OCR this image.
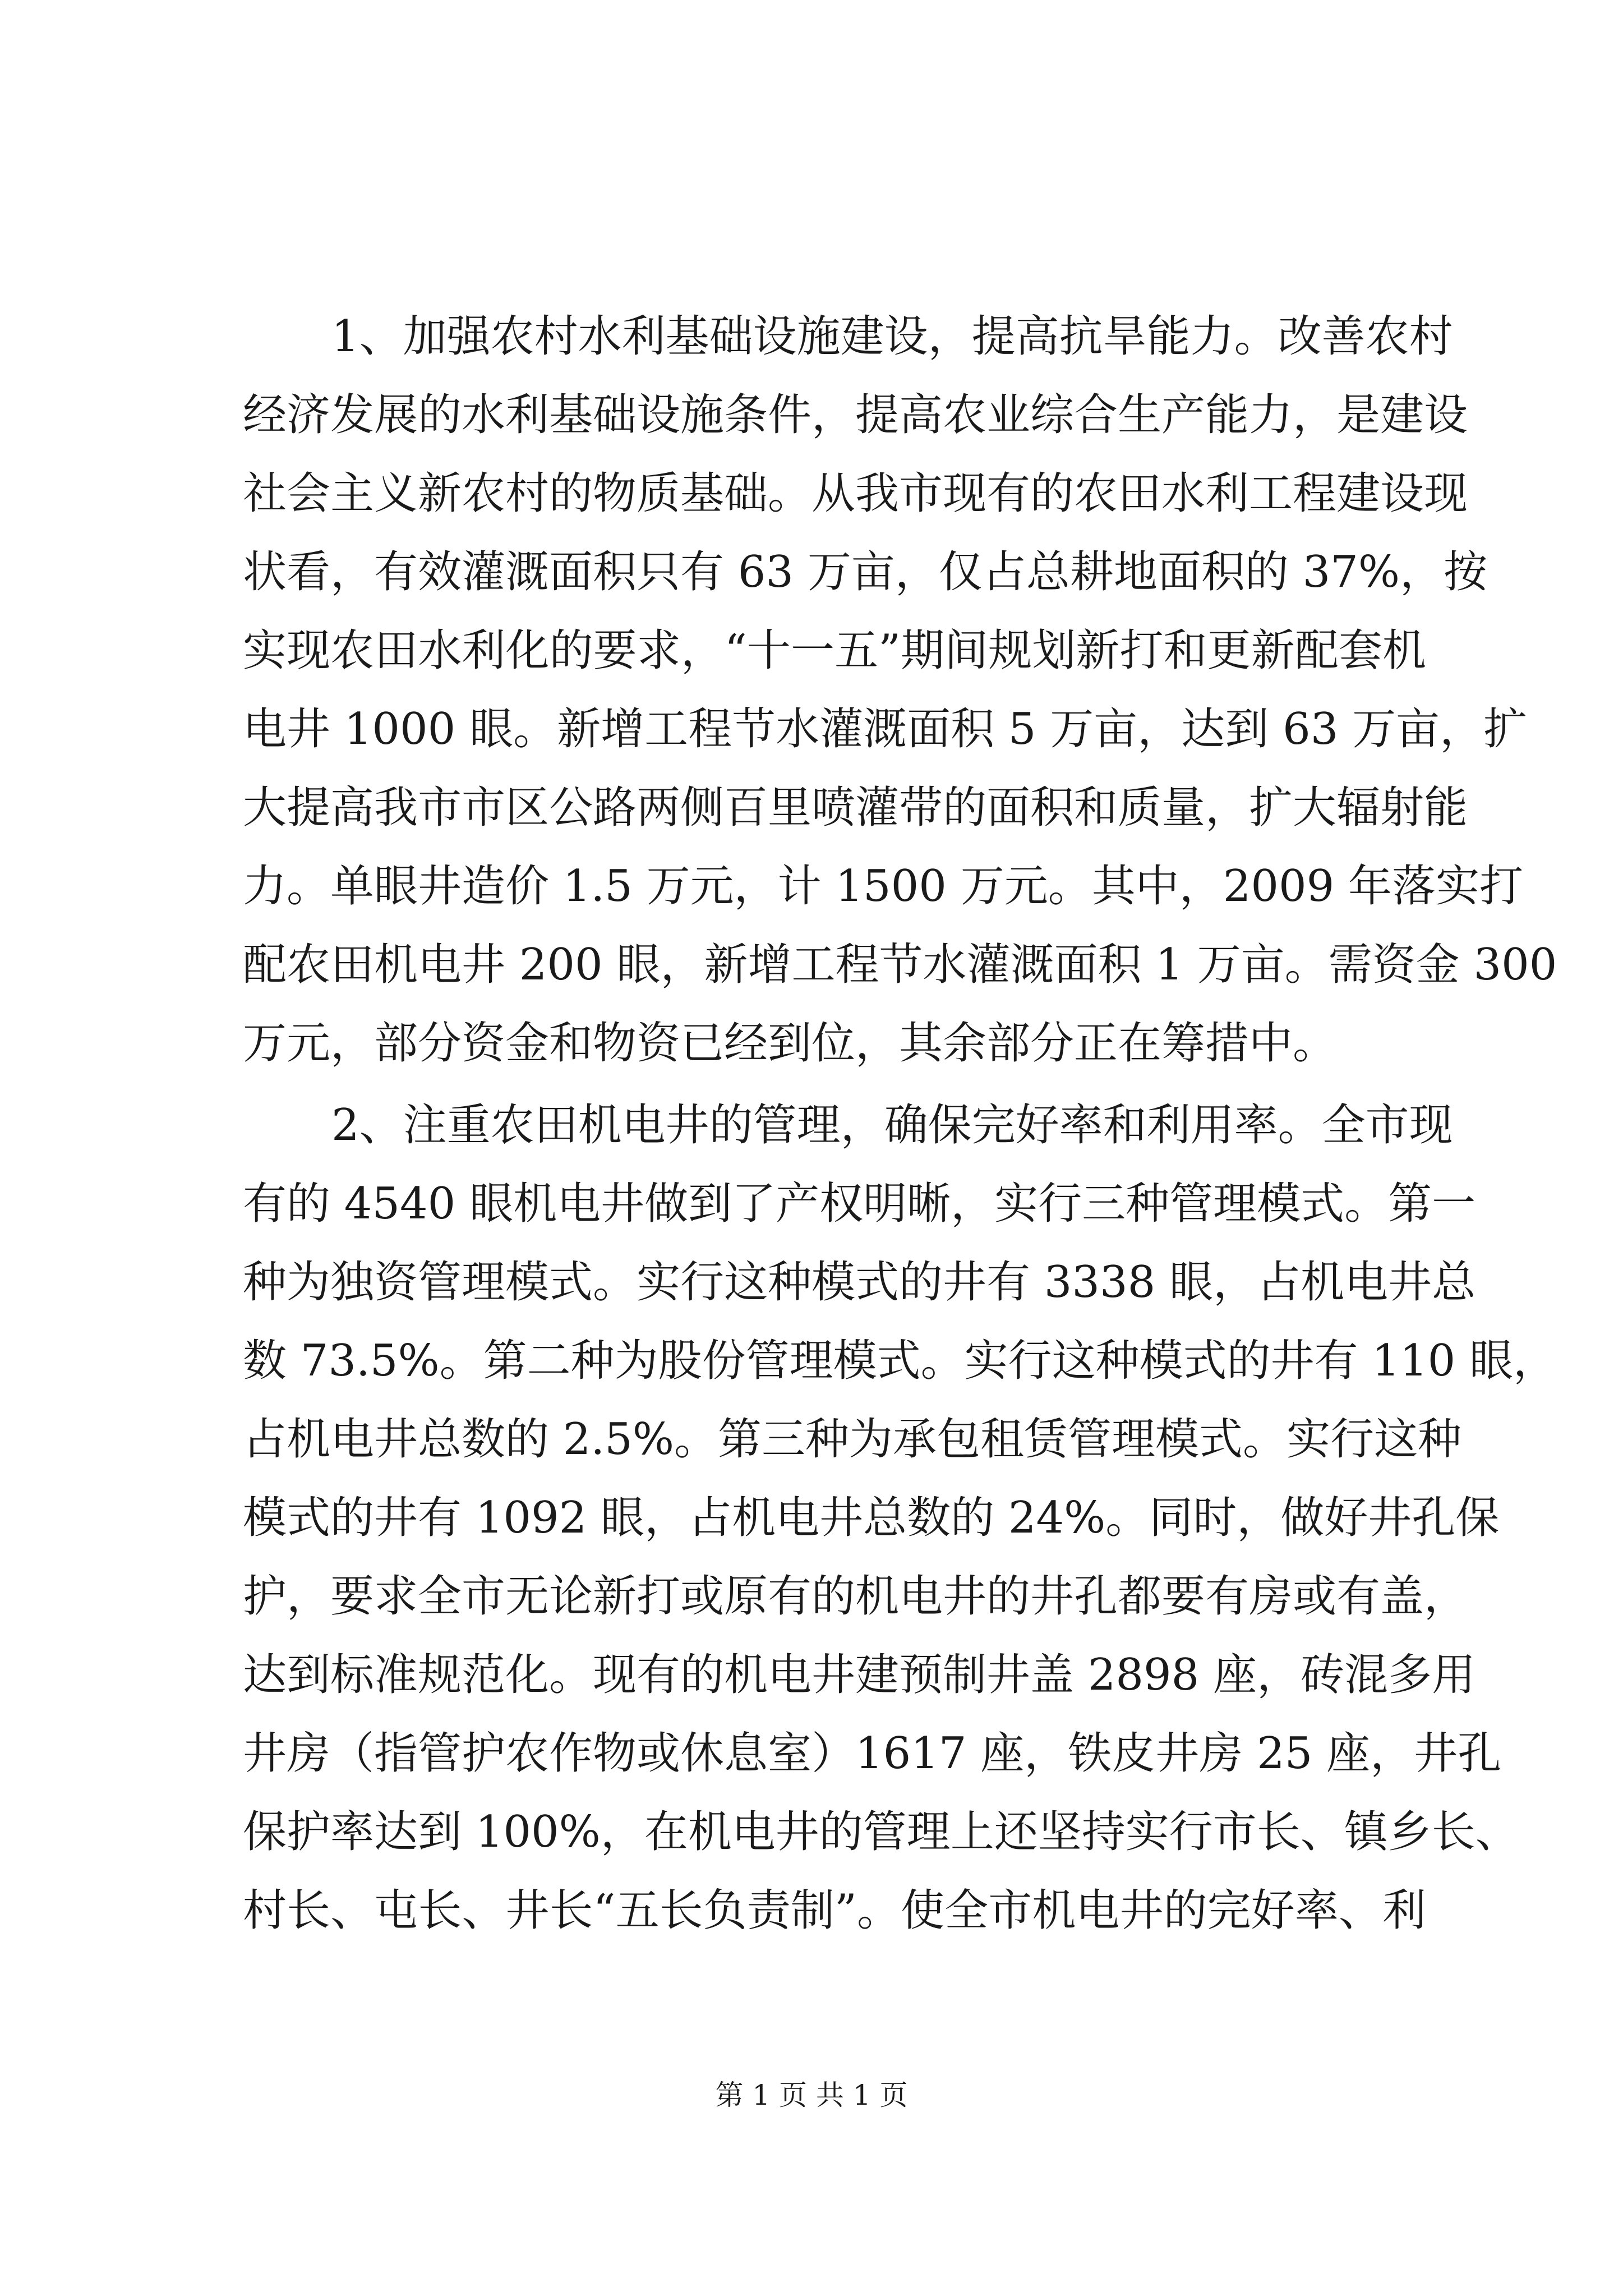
1、加强农村水利基础设施建设，提高抗旱能力。改善农村
经济发展的水利基础设施条件，提高农业综合生产能力，是建设
社会主义新农村的物质基础。从我市现有的农田水利工程建设现
状看，有效灌溉面积只有 63 万亩，仅占总耕地面积的 37%，按
实现农田水利化的要求，“十一五”期间规划新打和更新配套机
电井 1000 眼。新增工程节水灌溉面积 5 万亩，达到 63 万亩，扩
大提高我市市区公路两侧百里喷灌带的面积和质量，扩大辐射能
力。单眼井造价 1.5 万元，计 1500 万元。其中，2009 年落实打
配农田机电井 200 眼，新增工程节水灌溉面积 1 万亩。需资金 300
万元，部分资金和物资已经到位，其余部分正在筹措中。
2、注重农田机电井的管理，确保完好率和利用率。全市现
有的 4540 眼机电井做到了产权明晰，实行三种管理模式。第一
种为独资管理模式。实行这种模式的井有 3338 眼，占机电井总
数 73.5%。第二种为股份管理模式。实行这种模式的井有 110 眼，
占机电井总数的 2.5%。第三种为承包租赁管理模式。实行这种
模式的井有 1092 眼，占机电井总数的 24%。同时，做好井孔保
护，要求全市无论新打或原有的机电井的井孔都要有房或有盖，
达到标准规范化。现有的机电井建预制井盖 2898 座，砖混多用
井房（指管护农作物或休息室）1617 座，铁皮井房 25 座，井孔
保护率达到 100%，在机电井的管理上还坚持实行市长、镇乡长、
村长、屯长、井长“五长负责制”。使全市机电井的完好率、利
第 1 页 共 1 页
